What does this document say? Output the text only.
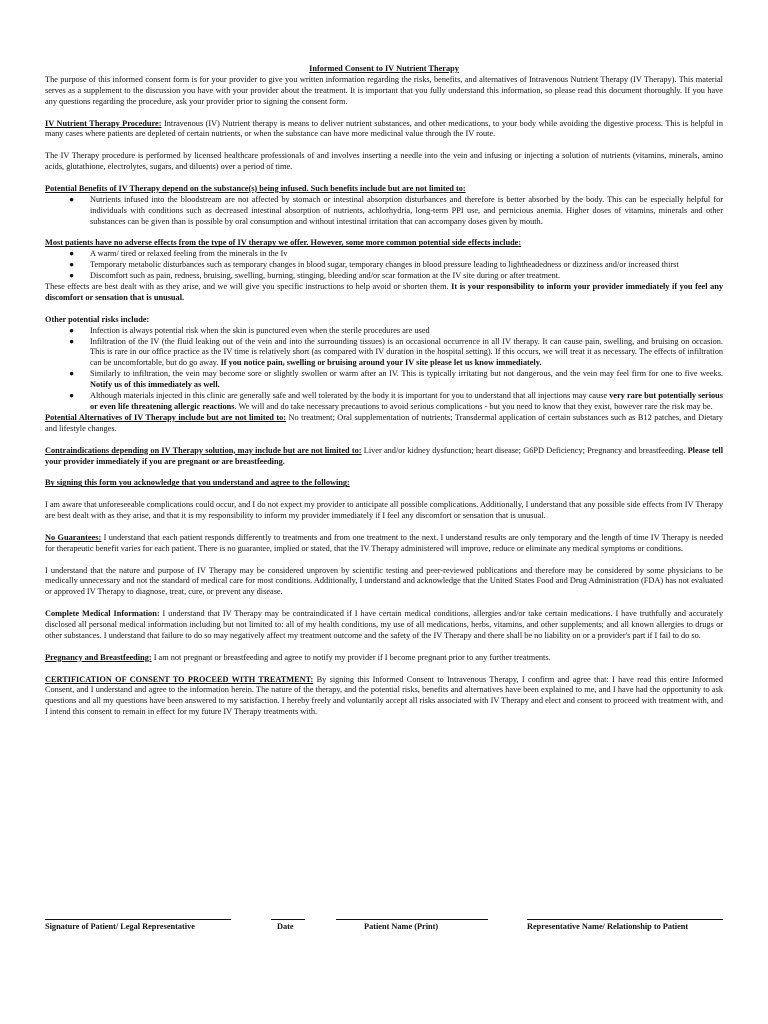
Informed Consent to IV Nutrient Therapy

The purpose of this informed consent form is for your provider to give you written information regarding the risks, benefits, and alternatives of Intravenous Nutrient Therapy (IV Therapy). This material serves as a supplement to the discussion you have with your provider about the treatment. It is important that you fully understand this information, so please read this document thoroughly. If you have any questions regarding the procedure, ask your provider prior to signing the consent form.

IV Nutrient Therapy Procedure: Intravenous (IV) Nutrient therapy is means to deliver nutrient substances, and other medications, to your body while avoiding the digestive process. This is helpful in many cases where patients are depleted of certain nutrients, or when the substance can have more medicinal value through the IV route.

The IV Therapy procedure is performed by licensed healthcare professionals of and involves inserting a needle into the vein and infusing or injecting a solution of nutrients (vitamins, minerals, amino acids, glutathione, electrolytes, sugars, and diluents) over a period of time.

Potential Benefits of IV Therapy depend on the substance(s) being infused. Such benefits include but are not limited to:

● Nutrients infused into the bloodstream are not affected by stomach or intestinal absorption disturbances and therefore is better absorbed by the body. This can be especially helpful for individuals with conditions such as decreased intestinal absorption of nutrients, achlorhydria, long-term PPI use, and pernicious anemia. Higher doses of vitamins, minerals and other substances can be given than is possible by oral consumption and without intestinal irritation that can accompany doses given by mouth.

Most patients have no adverse effects from the type of IV therapy we offer. However, some more common potential side effects include:

● A warm/ tired or relaxed feeling from the minerals in the Iv
● Temporary metabolic disturbances such as temporary changes in blood sugar, temporary changes in blood pressure leading to lightheadedness or dizziness and/or increased thirst
● Discomfort such as pain, redness, bruising, swelling, burning, stinging, bleeding and/or scar formation at the IV site during or after treatment.

These effects are best dealt with as they arise, and we will give you specific instructions to help avoid or shorten them. It is your responsibility to inform your provider immediately if you feel any discomfort or sensation that is unusual.

Other potential risks include:

● Infection is always potential risk when the skin is punctured even when the sterile procedures are used
● Infiltration of the IV (the fluid leaking out of the vein and into the surrounding tissues) is an occasional occurrence in all IV therapy. It can cause pain, swelling, and bruising on occasion. This is rare in our office practice as the IV time is relatively short (as compared with IV duration in the hospital setting). If this occurs, we will treat it as necessary. The effects of infiltration can be uncomfortable, but do go away. If you notice pain, swelling or bruising around your IV site please let us know immediately.
● Similarly to infiltration, the vein may become sore or slightly swollen or warm after an IV. This is typically irritating but not dangerous, and the vein may feel firm for one to five weeks. Notify us of this immediately as well.
● Although materials injected in this clinic are generally safe and well tolerated by the body it is important for you to understand that all injections may cause very rare but potentially serious or even life threatening allergic reactions. We will and do take necessary precautions to avoid serious complications - but you need to know that they exist, however rare the risk may be.

Potential Alternatives of IV Therapy include but are not limited to: No treatment; Oral supplementation of nutrients; Transdermal application of certain substances such as B12 patches, and Dietary and lifestyle changes.

Contraindications depending on IV Therapy solution, may include but are not limited to: Liver and/or kidney dysfunction; heart disease; G6PD Deficiency; Pregnancy and breastfeeding. Please tell your provider immediately if you are pregnant or are breastfeeding.

By signing this form you acknowledge that you understand and agree to the following:

I am aware that unforeseeable complications could occur, and I do not expect my provider to anticipate all possible complications. Additionally, I understand that any possible side effects from IV Therapy are best dealt with as they arise, and that it is my responsibility to inform my provider immediately if I feel any discomfort or sensation that is unusual.

No Guarantees: I understand that each patient responds differently to treatments and from one treatment to the next. I understand results are only temporary and the length of time IV Therapy is needed for therapeutic benefit varies for each patient. There is no guarantee, implied or stated, that the IV Therapy administered will improve, reduce or eliminate any medical symptoms or conditions.

I understand that the nature and purpose of IV Therapy may be considered unproven by scientific testing and peer-reviewed publications and therefore may be considered by some physicians to be medically unnecessary and not the standard of medical care for most conditions. Additionally, I understand and acknowledge that the United States Food and Drug Administration (FDA) has not evaluated or approved IV Therapy to diagnose, treat, cure, or prevent any disease.

Complete Medical Information: I understand that IV Therapy may be contraindicated if I have certain medical conditions, allergies and/or take certain medications. I have truthfully and accurately disclosed all personal medical information including but not limited to: all of my health conditions, my use of all medications, herbs, vitamins, and other supplements; and all known allergies to drugs or other substances. I understand that failure to do so may negatively affect my treatment outcome and the safety of the IV Therapy and there shall be no liability on or a provider's part if I fail to do so.

Pregnancy and Breastfeeding: I am not pregnant or breastfeeding and agree to notify my provider if I become pregnant prior to any further treatments.

CERTIFICATION OF CONSENT TO PROCEED WITH TREATMENT: By signing this Informed Consent to Intravenous Therapy, I confirm and agree that: I have read this entire Informed Consent, and I understand and agree to the information herein. The nature of the therapy, and the potential risks, benefits and alternatives have been explained to me, and I have had the opportunity to ask questions and all my questions have been answered to my satisfaction. I hereby freely and voluntarily accept all risks associated with IV Therapy and elect and consent to proceed with treatment with, and I intend this consent to remain in effect for my future IV Therapy treatments with.

Signature of Patient/ Legal Representative	Date	Patient Name (Print)	Representative Name/ Relationship to Patient
